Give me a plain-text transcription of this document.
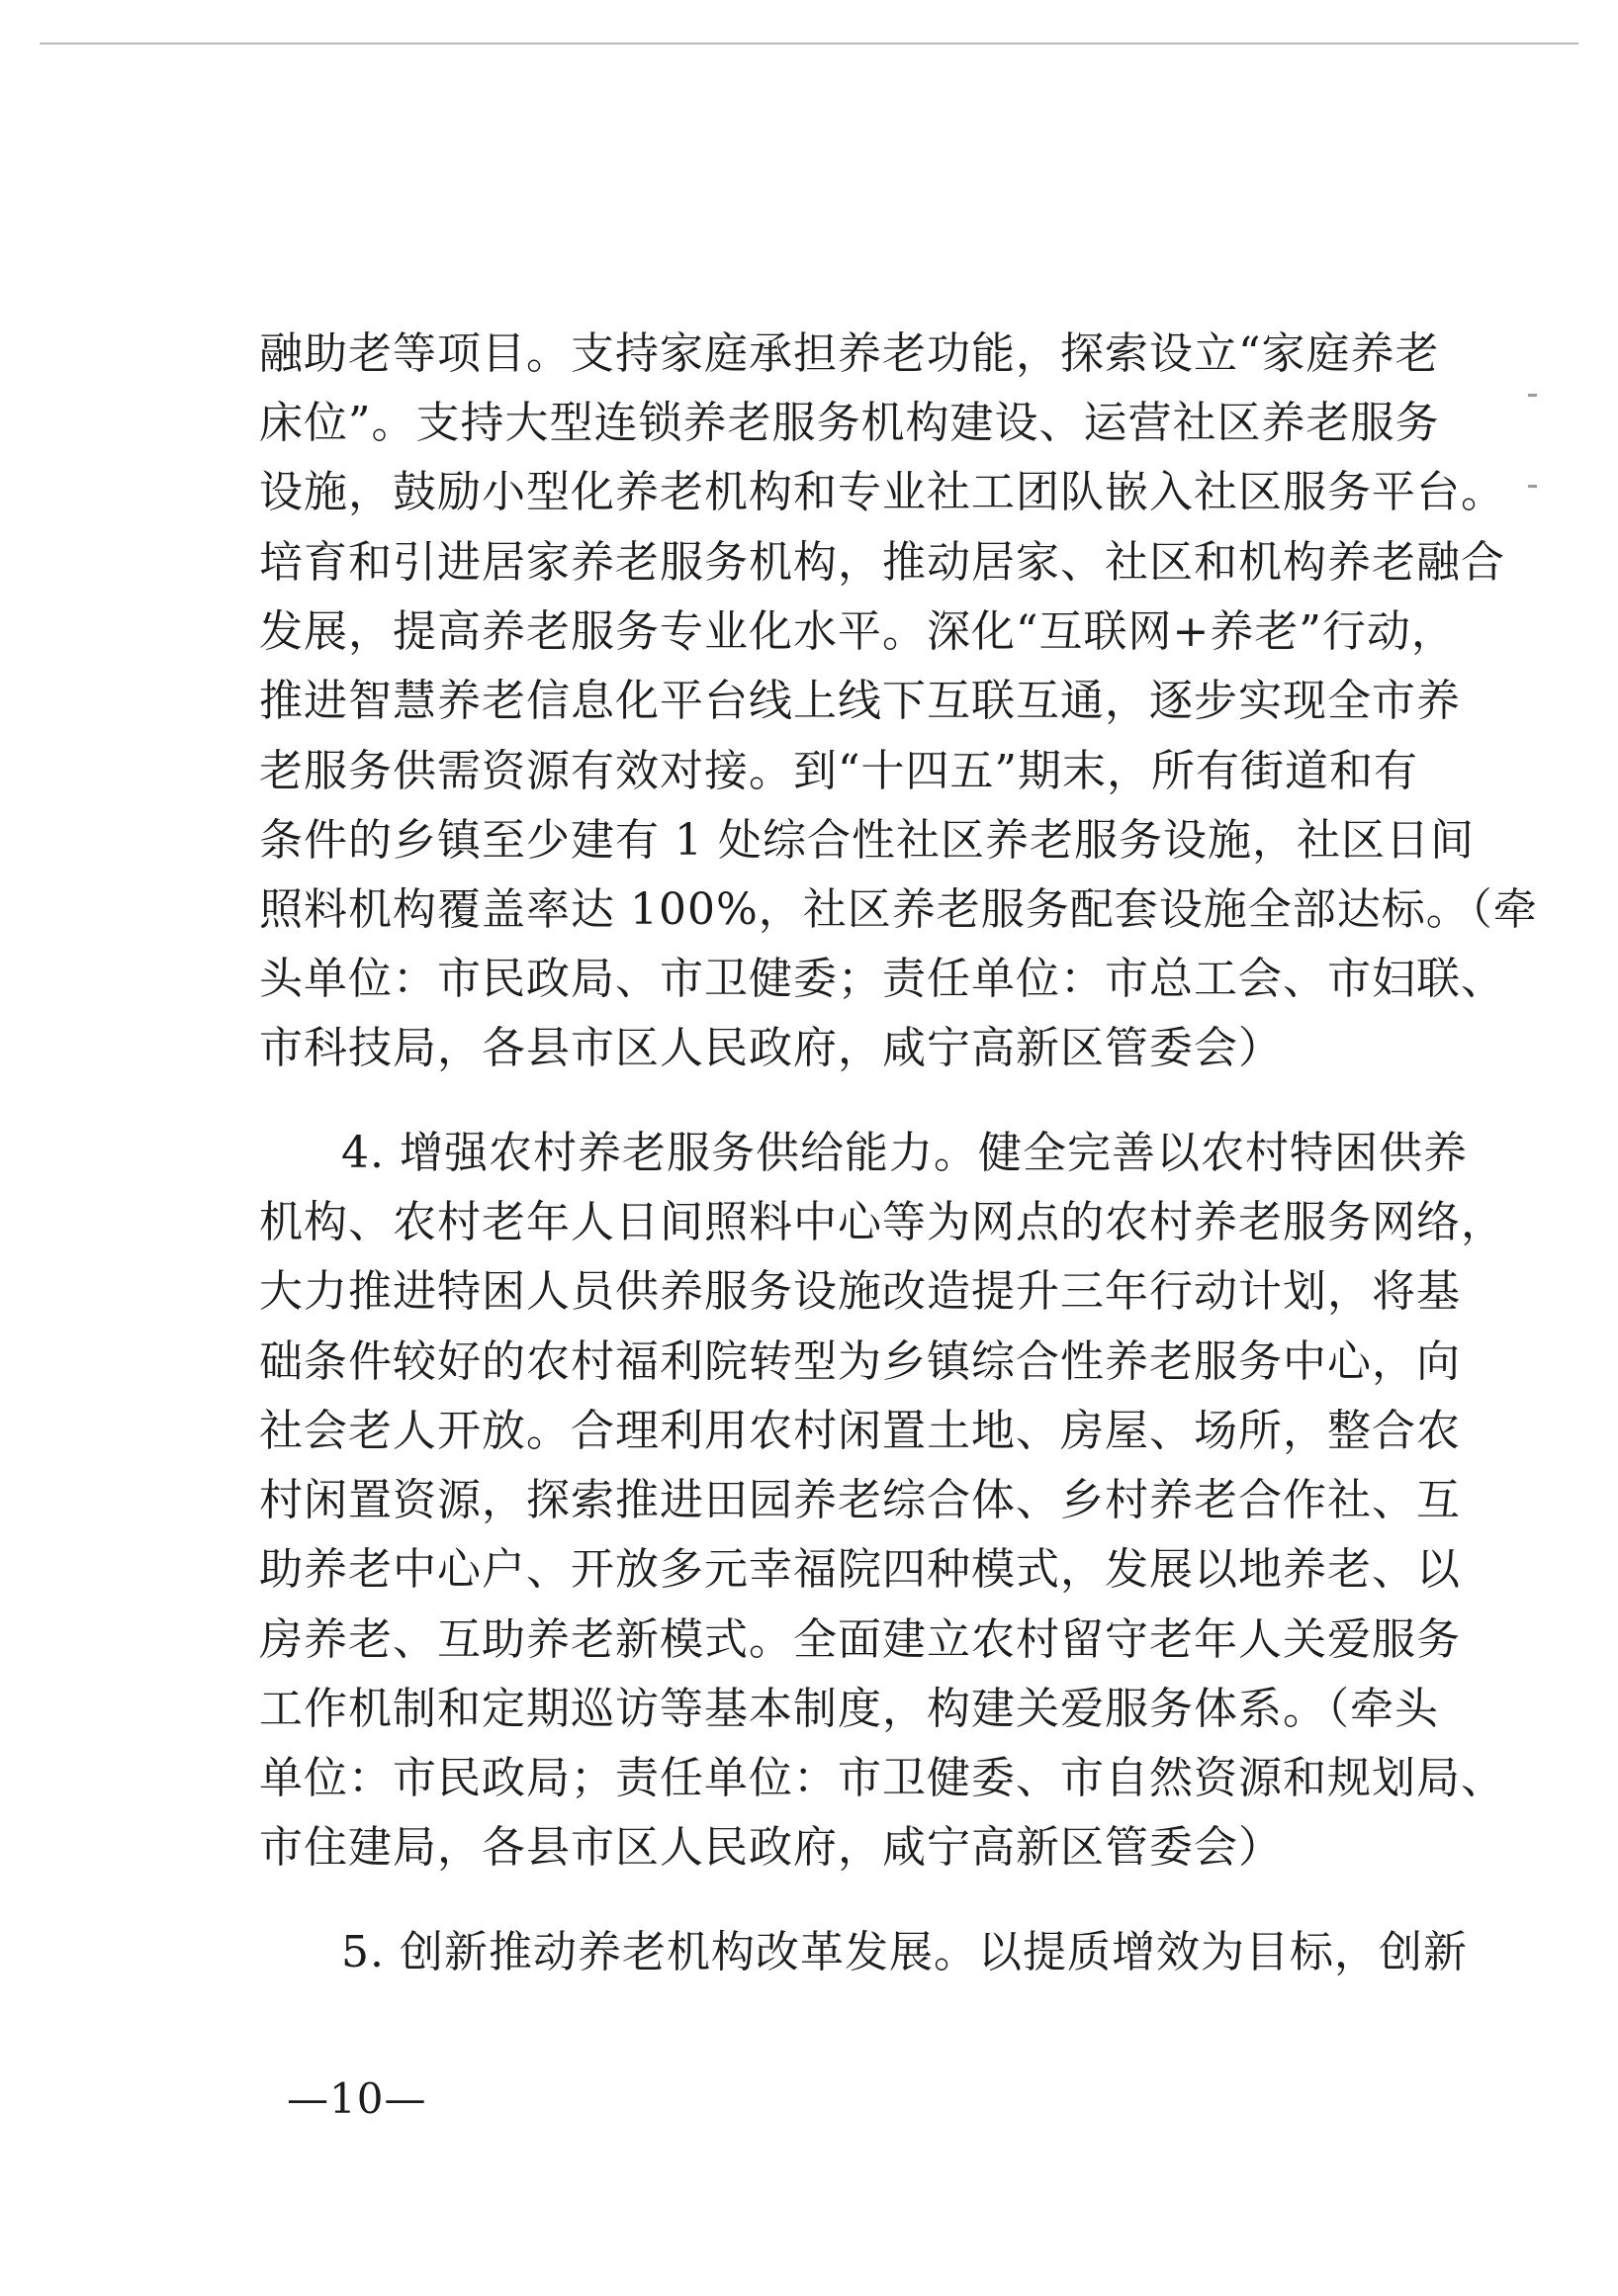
融助老等项目。支持家庭承担养老功能，探索设立“家庭养老
床位”。支持大型连锁养老服务机构建设、运营社区养老服务
设施，鼓励小型化养老机构和专业社工团队嵌入社区服务平台。
培育和引进居家养老服务机构，推动居家、社区和机构养老融合
发展，提高养老服务专业化水平。深化“互联网+养老”行动，
推进智慧养老信息化平台线上线下互联互通，逐步实现全市养
老服务供需资源有效对接。到“十四五”期末，所有街道和有
条件的乡镇至少建有 1 处综合性社区养老服务设施，社区日间
照料机构覆盖率达 100%，社区养老服务配套设施全部达标。（牵
头单位：市民政局、市卫健委；责任单位：市总工会、市妇联、
市科技局，各县市区人民政府，咸宁高新区管委会）
4. 增强农村养老服务供给能力。健全完善以农村特困供养
机构、农村老年人日间照料中心等为网点的农村养老服务网络，
大力推进特困人员供养服务设施改造提升三年行动计划，将基
础条件较好的农村福利院转型为乡镇综合性养老服务中心，向
社会老人开放。合理利用农村闲置土地、房屋、场所，整合农
村闲置资源，探索推进田园养老综合体、乡村养老合作社、互
助养老中心户、开放多元幸福院四种模式，发展以地养老、以
房养老、互助养老新模式。全面建立农村留守老年人关爱服务
工作机制和定期巡访等基本制度，构建关爱服务体系。（牵头
单位：市民政局；责任单位：市卫健委、市自然资源和规划局、
市住建局，各县市区人民政府，咸宁高新区管委会）
5. 创新推动养老机构改革发展。以提质增效为目标，创新
—10—
